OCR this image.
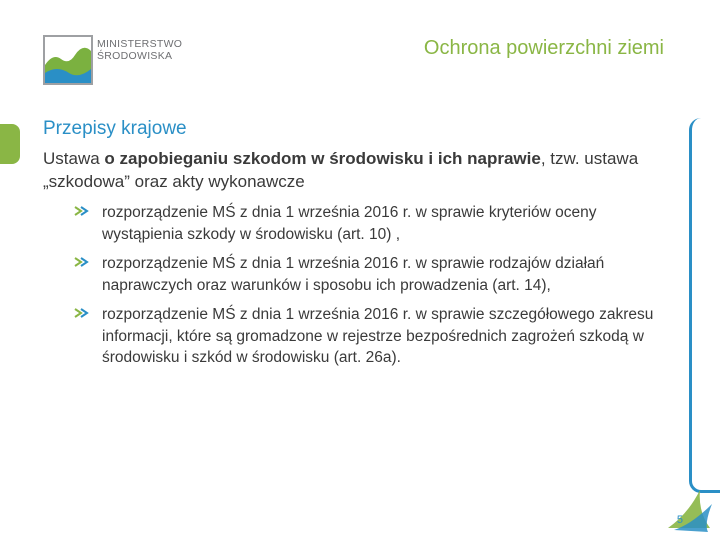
MINISTERSTWO
ŚRODOWISKA	Ochrona powierzchni ziemi
Przepisy krajowe

Ustawa o zapobieganiu szkodom w środowisku i ich naprawie, tzw. ustawa „szkodowa” oraz akty wykonawcze

rozporządzenie MŚ z dnia 1 września 2016 r. w sprawie kryteriów oceny wystąpienia szkody w środowisku (art. 10) ,
rozporządzenie MŚ z dnia 1 września 2016 r. w sprawie rodzajów działań naprawczych oraz warunków i sposobu ich prowadzenia (art. 14),
rozporządzenie MŚ z dnia 1 września 2016 r. w sprawie szczegółowego zakresu informacji, które są gromadzone w rejestrze bezpośrednich zagrożeń szkodą w środowisku i szkód w środowisku (art. 26a).
5
